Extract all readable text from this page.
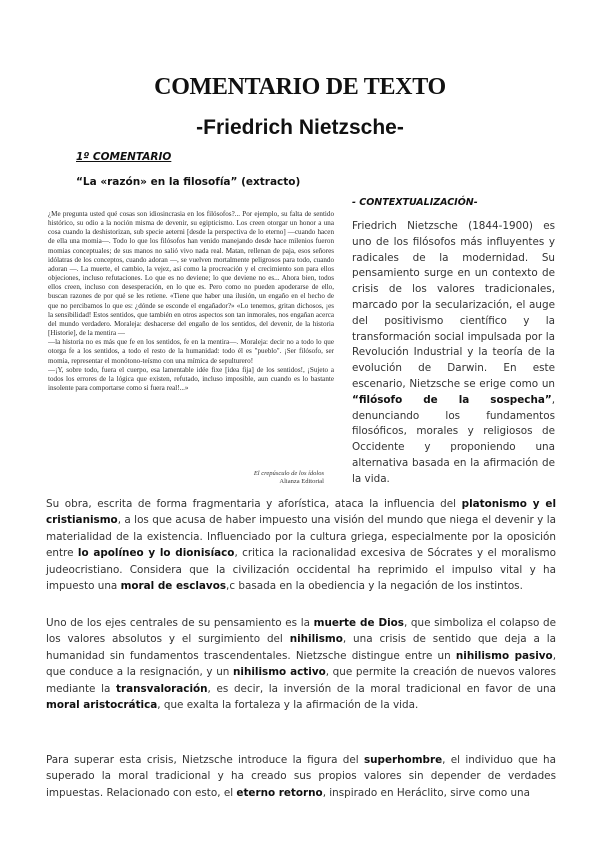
COMENTARIO DE TEXTO
-Friedrich Nietzsche-
1º COMENTARIO
“La «razón» en la filosofía” (extracto)

¿Me pregunta usted qué cosas son idiosincrasia en los filósofos?... Por ejemplo, su falta de sentido histórico, su odio a la noción misma de devenir, su egipticismo. Los creen otorgar un honor a una cosa cuando la deshistorizan, sub specie aeterni [desde la perspectiva de lo eterno] —cuando hacen de ella una momia—. Todo lo que los filósofos han venido manejando desde hace milenios fueron momias conceptuales; de sus manos no salió vivo nada real. Matan, rellenan de paja, esos señores idólatras de los conceptos, cuando adoran —, se vuelven mortalmente peligrosos para todo, cuando adoran —. La muerte, el cambio, la vejez, así como la procreación y el crecimiento son para ellos objeciones, incluso refutaciones. Lo que es no deviene; lo que deviene no es... Ahora bien, todos ellos creen, incluso con desesperación, en lo que es. Pero como no pueden apoderarse de ello, buscan razones de por qué se les retiene. «Tiene que haber una ilusión, un engaño en el hecho de que no percibamos lo que es: ¿dónde se esconde el engañador?» «Lo tenemos, gritan dichosos, ¡es la sensibilidad! Estos sentidos, que también en otros aspectos son tan inmorales, nos engañan acerca del mundo verdadero. Moraleja: deshacerse del engaño de los sentidos, del devenir, de la historia [Historie], de la mentira —

—la historia no es más que fe en los sentidos, fe en la mentira—. Moraleja: decir no a todo lo que otorga fe a los sentidos, a todo el resto de la humanidad: todo él es "pueblo". ¡Ser filósofo, ser momia, representar el monótono-teísmo con una mímica de sepulturero!

—¡Y, sobre todo, fuera el cuerpo, esa lamentable idée fixe [idea fija] de los sentidos!, ¡Sujeto a todos los errores de la lógica que existen, refutado, incluso imposible, aun cuando es lo bastante insolente para comportarse como si fuera real!...»

El crepúsculo de los ídolos
Alianza Editorial
- CONTEXTUALIZACIÓN-
Friedrich Nietzsche (1844-1900) es uno de los filósofos más influyentes y radicales de la modernidad. Su pensamiento surge en un contexto de crisis de los valores tradicionales, marcado por la secularización, el auge del positivismo científico y la transformación social impulsada por la Revolución Industrial y la teoría de la evolución de Darwin. En este escenario, Nietzsche se erige como un “filósofo de la sospecha”, denunciando los fundamentos filosóficos, morales y religiosos de Occidente y proponiendo una alternativa basada en la afirmación de la vida.

Su obra, escrita de forma fragmentaria y aforística, ataca la influencia del platonismo y el cristianismo, a los que acusa de haber impuesto una visión del mundo que niega el devenir y la materialidad de la existencia. Influenciado por la cultura griega, especialmente por la oposición entre lo apolíneo y lo dionisíaco, critica la racionalidad excesiva de Sócrates y el moralismo judeocristiano. Considera que la civilización occidental ha reprimido el impulso vital y ha impuesto una moral de esclavos,c basada en la obediencia y la negación de los instintos.

Uno de los ejes centrales de su pensamiento es la muerte de Dios, que simboliza el colapso de los valores absolutos y el surgimiento del nihilismo, una crisis de sentido que deja a la humanidad sin fundamentos trascendentales. Nietzsche distingue entre un nihilismo pasivo, que conduce a la resignación, y un nihilismo activo, que permite la creación de nuevos valores mediante la transvaloración, es decir, la inversión de la moral tradicional en favor de una moral aristocrática, que exalta la fortaleza y la afirmación de la vida.

Para superar esta crisis, Nietzsche introduce la figura del superhombre, el individuo que ha superado la moral tradicional y ha creado sus propios valores sin depender de verdades impuestas. Relacionado con esto, el eterno retorno, inspirado en Heráclito, sirve como una
